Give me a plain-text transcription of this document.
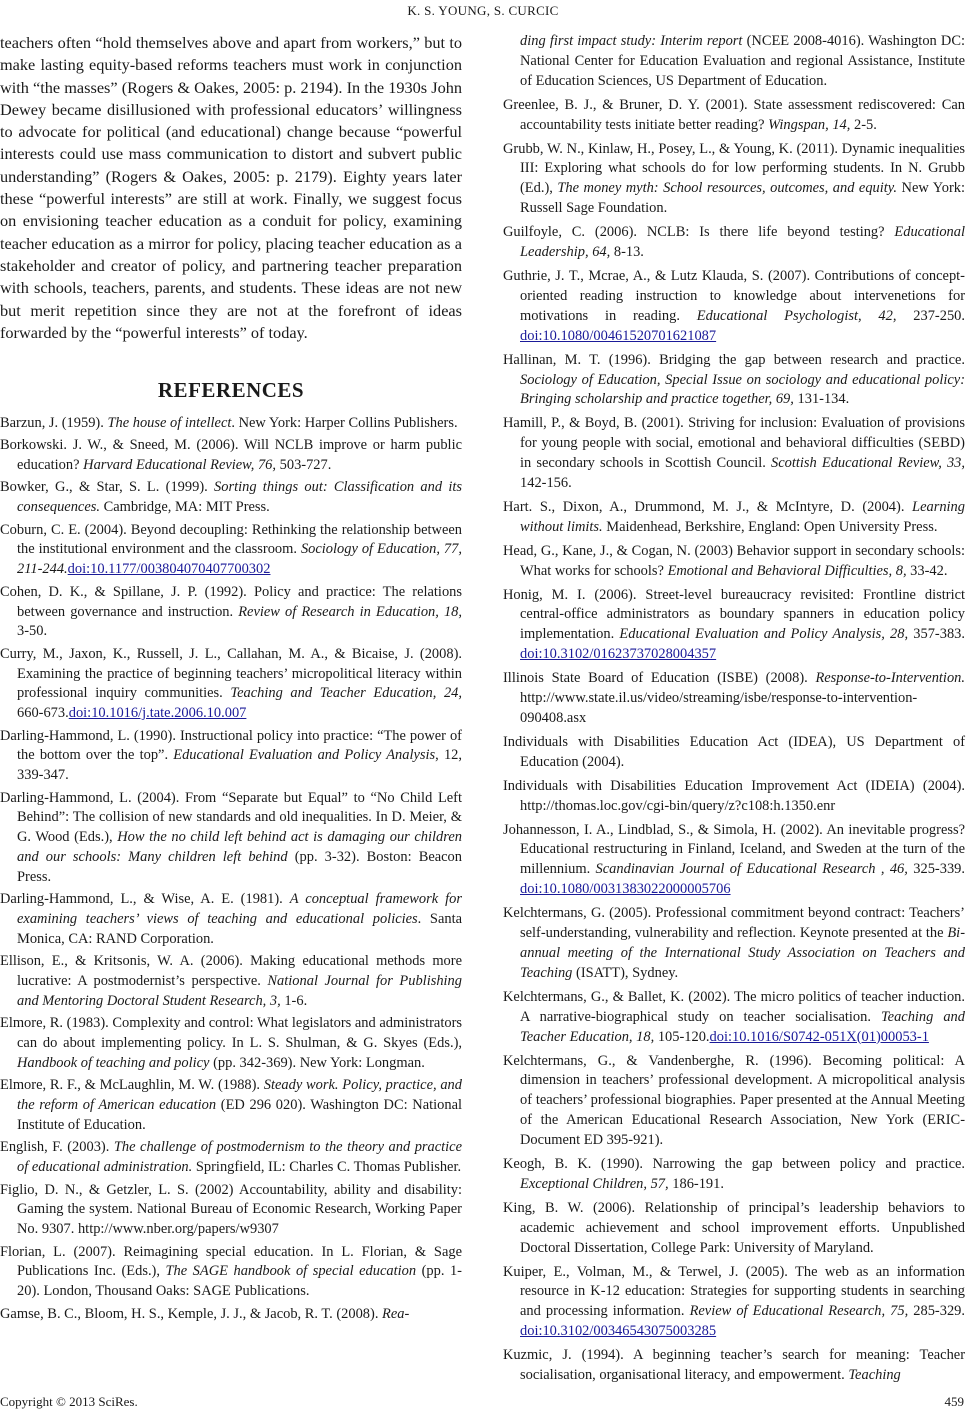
K. S. YOUNG, S. CURCIC

teachers often “hold themselves above and apart from workers,” but to make lasting equity-based reforms teachers must work in conjunction with “the masses” (Rogers & Oakes, 2005: p. 2194). In the 1930s John Dewey became disillusioned with professional educators’ willingness to advocate for political (and educational) change because “powerful interests could use mass communication to distort and subvert public understanding” (Rogers & Oakes, 2005: p. 2179). Eighty years later these “powerful interests” are still at work. Finally, we suggest focus on envisioning teacher education as a conduit for policy, examining teacher education as a mirror for policy, placing teacher education as a stakeholder and creator of policy, and partnering teacher preparation with schools, teachers, parents, and students. These ideas are not new but merit repetition since they are not at the forefront of ideas forwarded by the “powerful interests” of today.

REFERENCES
Barzun, J. (1959). The house of intellect. New York: Harper Collins Publishers.
Borkowski. J. W., & Sneed, M. (2006). Will NCLB improve or harm public education? Harvard Educational Review, 76, 503-727.
Bowker, G., & Star, S. L. (1999). Sorting things out: Classification and its consequences. Cambridge, MA: MIT Press.
Coburn, C. E. (2004). Beyond decoupling: Rethinking the relationship between the institutional environment and the classroom. Sociology of Education, 77, 211-244.doi:10.1177/003804070407700302
Cohen, D. K., & Spillane, J. P. (1992). Policy and practice: The relations between governance and instruction. Review of Research in Education, 18, 3-50.
Curry, M., Jaxon, K., Russell, J. L., Callahan, M. A., & Bicaise, J. (2008). Examining the practice of beginning teachers’ micropolitical literacy within professional inquiry communities. Teaching and Teacher Education, 24, 660-673.doi:10.1016/j.tate.2006.10.007
Darling-Hammond, L. (1990). Instructional policy into practice: “The power of the bottom over the top”. Educational Evaluation and Policy Analysis, 12, 339-347.
Darling-Hammond, L. (2004). From “Separate but Equal” to “No Child Left Behind”: The collision of new standards and old inequalities. In D. Meier, & G. Wood (Eds.), How the no child left behind act is damaging our children and our schools: Many children left behind (pp. 3-32). Boston: Beacon Press.
Darling-Hammond, L., & Wise, A. E. (1981). A conceptual framework for examining teachers’ views of teaching and educational policies. Santa Monica, CA: RAND Corporation.
Ellison, E., & Kritsonis, W. A. (2006). Making educational methods more lucrative: A postmodernist’s perspective. National Journal for Publishing and Mentoring Doctoral Student Research, 3, 1-6.
Elmore, R. (1983). Complexity and control: What legislators and administrators can do about implementing policy. In L. S. Shulman, & G. Skyes (Eds.), Handbook of teaching and policy (pp. 342-369). New York: Longman.
Elmore, R. F., & McLaughlin, M. W. (1988). Steady work. Policy, practice, and the reform of American education (ED 296 020). Washington DC: National Institute of Education.
English, F. (2003). The challenge of postmodernism to the theory and practice of educational administration. Springfield, IL: Charles C. Thomas Publisher.
Figlio, D. N., & Getzler, L. S. (2002) Accountability, ability and disability: Gaming the system. National Bureau of Economic Research, Working Paper No. 9307. http://www.nber.org/papers/w9307
Florian, L. (2007). Reimagining special education. In L. Florian, & Sage Publications Inc. (Eds.), The SAGE handbook of special education (pp. 1-20). London, Thousand Oaks: SAGE Publications.
Gamse, B. C., Bloom, H. S., Kemple, J. J., & Jacob, R. T. (2008). Rea-
ding first impact study: Interim report (NCEE 2008-4016). Washington DC: National Center for Education Evaluation and regional Assistance, Institute of Education Sciences, US Department of Education.
Greenlee, B. J., & Bruner, D. Y. (2001). State assessment rediscovered: Can accountability tests initiate better reading? Wingspan, 14, 2-5.
Grubb, W. N., Kinlaw, H., Posey, L., & Young, K. (2011). Dynamic inequalities III: Exploring what schools do for low performing students. In N. Grubb (Ed.), The money myth: School resources, outcomes, and equity. New York: Russell Sage Foundation.
Guilfoyle, C. (2006). NCLB: Is there life beyond testing? Educational Leadership, 64, 8-13.
Guthrie, J. T., Mcrae, A., & Lutz Klauda, S. (2007). Contributions of concept-oriented reading instruction to knowledge about intervenetions for motivations in reading. Educational Psychologist, 42, 237-250. doi:10.1080/00461520701621087
Hallinan, M. T. (1996). Bridging the gap between research and practice. Sociology of Education, Special Issue on sociology and educational policy: Bringing scholarship and practice together, 69, 131-134.
Hamill, P., & Boyd, B. (2001). Striving for inclusion: Evaluation of provisions for young people with social, emotional and behavioral difficulties (SEBD) in secondary schools in Scottish Council. Scottish Educational Review, 33, 142-156.
Hart. S., Dixon, A., Drummond, M. J., & McIntyre, D. (2004). Learning without limits. Maidenhead, Berkshire, England: Open University Press.
Head, G., Kane, J., & Cogan, N. (2003) Behavior support in secondary schools: What works for schools? Emotional and Behavioral Difficulties, 8, 33-42.
Honig, M. I. (2006). Street-level bureaucracy revisited: Frontline district central-office administrators as boundary spanners in education policy implementation. Educational Evaluation and Policy Analysis, 28, 357-383. doi:10.3102/01623737028004357
Illinois State Board of Education (ISBE) (2008). Response-to-Intervention. http://www.state.il.us/video/streaming/isbe/response-to-intervention-090408.asx
Individuals with Disabilities Education Act (IDEA), US Department of Education (2004).
Individuals with Disabilities Education Improvement Act (IDEIA) (2004). http://thomas.loc.gov/cgi-bin/query/z?c108:h.1350.enr
Johannesson, I. A., Lindblad, S., & Simola, H. (2002). An inevitable progress? Educational restructuring in Finland, Iceland, and Sweden at the turn of the millennium. Scandinavian Journal of Educational Research , 46, 325-339. doi:10.1080/0031383022000005706
Kelchtermans, G. (2005). Professional commitment beyond contract: Teachers’ self-understanding, vulnerability and reflection. Keynote presented at the Bi-annual meeting of the International Study Association on Teachers and Teaching (ISATT), Sydney.
Kelchtermans, G., & Ballet, K. (2002). The micro politics of teacher induction. A narrative-biographical study on teacher socialisation. Teaching and Teacher Education, 18, 105-120.doi:10.1016/S0742-051X(01)00053-1
Kelchtermans, G., & Vandenberghe, R. (1996). Becoming political: A dimension in teachers’ professional development. A micropolitical analysis of teachers’ professional biographies. Paper presented at the Annual Meeting of the American Educational Research Association, New York (ERIC-Document ED 395-921).
Keogh, B. K. (1990). Narrowing the gap between policy and practice. Exceptional Children, 57, 186-191.
King, B. W. (2006). Relationship of principal’s leadership behaviors to academic achievement and school improvement efforts. Unpublished Doctoral Dissertation, College Park: University of Maryland.
Kuiper, E., Volman, M., & Terwel, J. (2005). The web as an information resource in K-12 education: Strategies for supporting students in searching and processing information. Review of Educational Research, 75, 285-329.doi:10.3102/00346543075003285
Kuzmic, J. (1994). A beginning teacher’s search for meaning: Teacher socialisation, organisational literacy, and empowerment. Teaching
Copyright © 2013 SciRes.	459
